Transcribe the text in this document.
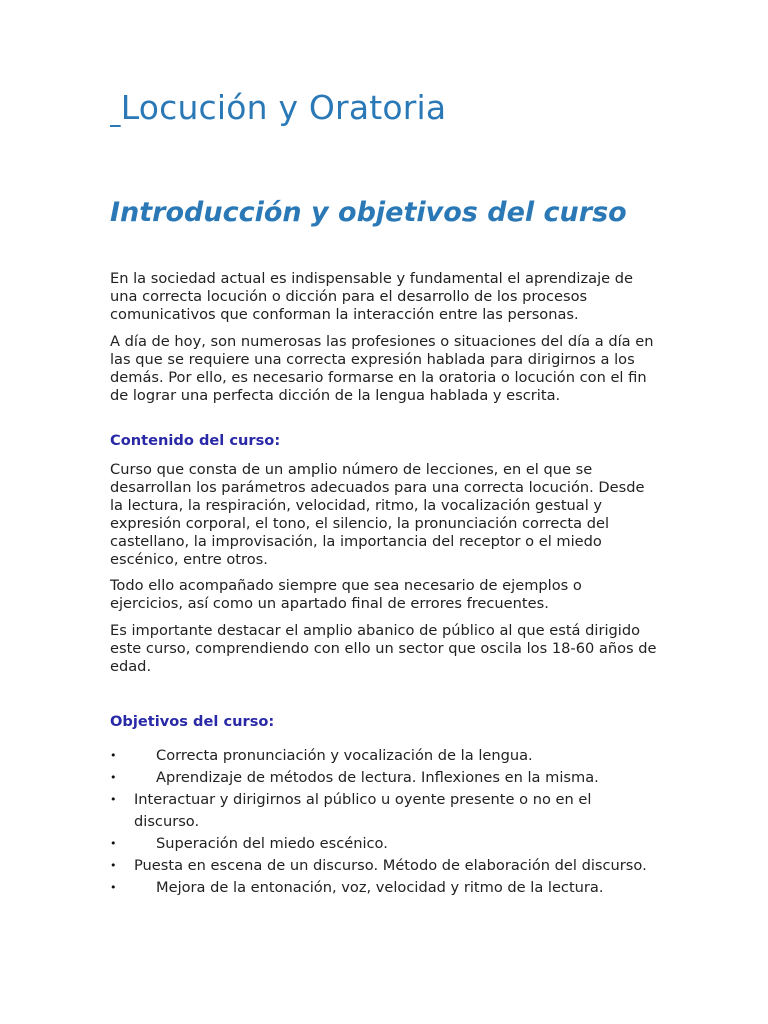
Locución y Oratoria
Introducción y objetivos del curso

En la sociedad actual es indispensable y fundamental el aprendizaje de una correcta locución o dicción para el desarrollo de los procesos comunicativos que conforman la interacción entre las personas.

A día de hoy, son numerosas las profesiones o situaciones del día a día en las que se requiere una correcta expresión hablada para dirigirnos a los demás. Por ello, es necesario formarse en la oratoria o locución con el fin de lograr una perfecta dicción de la lengua hablada y escrita.

Contenido del curso:

Curso que consta de un amplio número de lecciones, en el que se desarrollan los parámetros adecuados para una correcta locución. Desde la lectura, la respiración, velocidad, ritmo, la vocalización gestual y expresión corporal, el tono, el silencio, la pronunciación correcta del castellano, la improvisación, la importancia del receptor o el miedo escénico, entre otros.

Todo ello acompañado siempre que sea necesario de ejemplos o ejercicios, así como un apartado final de errores frecuentes.

Es importante destacar el amplio abanico de público al que está dirigido este curso, comprendiendo con ello un sector que oscila los 18-60 años de edad.

Objetivos del curso:

•	Correcta pronunciación y vocalización de la lengua.
•	Aprendizaje de métodos de lectura. Inflexiones en la misma.
• Interactuar y dirigirnos al público u oyente presente o no en el discurso.
•	Superación del miedo escénico.
• Puesta en escena de un discurso. Método de elaboración del discurso.
•	Mejora de la entonación, voz, velocidad y ritmo de la lectura.
